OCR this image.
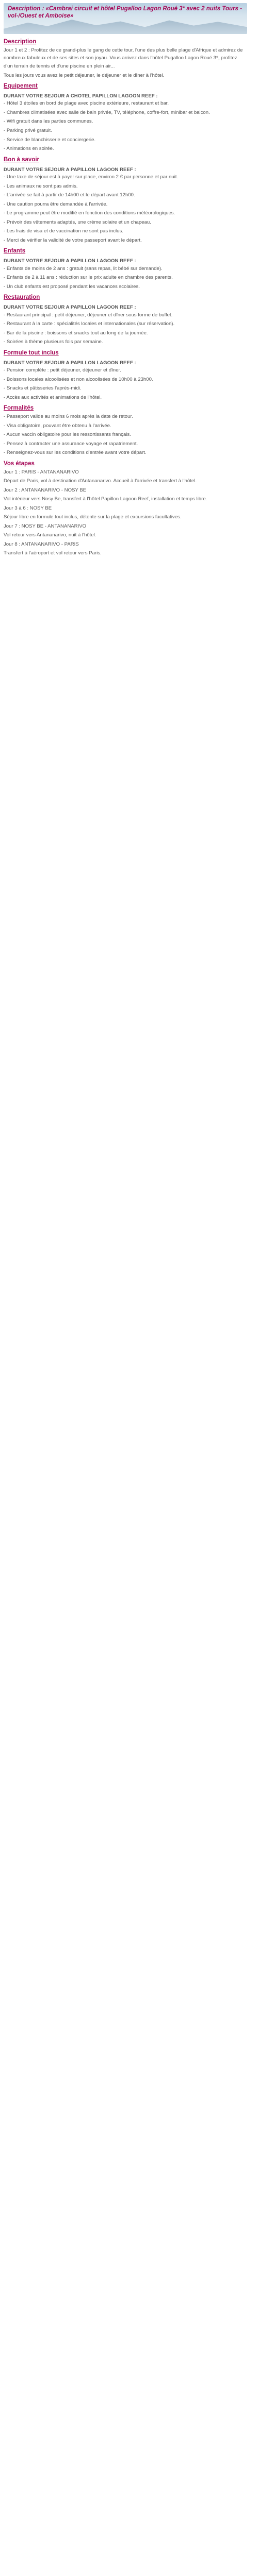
Description : «Cambrai circuit et hôtel Pugalloo Lagon Roué 3* avec 2 nuits Tours - vol-/Ouest et Amboise»
Description

Jour 1 et 2 : Profitez de ce grand-plus le gang de cette tour, l'une des plus belle plage d'Afrique et admirez de nombreux fabuleux et de ses sites et son joyau. Vous arrivez dans l'hôtel Pugalloo Lagon Roué 3*, profitez d'un terrain de tennis et d'une piscine en plein air...

Tous les jours vous avez le petit déjeuner, le déjeuner et le dîner à l'hôtel.

Equipement
DURANT VOTRE SEJOUR A CHOTEL PAPILLON LAGOON REEF :

- Hôtel 3 étoiles en bord de plage avec piscine extérieure, restaurant et bar.

- Chambres climatisées avec salle de bain privée, TV, téléphone, coffre-fort, minibar et balcon.

- Wifi gratuit dans les parties communes.

- Parking privé gratuit.

- Service de blanchisserie et conciergerie.

- Animations en soirée.

Bon à savoir
DURANT VOTRE SEJOUR A PAPILLON LAGOON REEF :

- Une taxe de séjour est à payer sur place, environ 2 € par personne et par nuit.

- Les animaux ne sont pas admis.

- L'arrivée se fait à partir de 14h00 et le départ avant 12h00.

- Une caution pourra être demandée à l'arrivée.

- Le programme peut être modifié en fonction des conditions météorologiques.

- Prévoir des vêtements adaptés, une crème solaire et un chapeau.

- Les frais de visa et de vaccination ne sont pas inclus.

- Merci de vérifier la validité de votre passeport avant le départ.

Enfants
DURANT VOTRE SEJOUR A PAPILLON LAGOON REEF :

- Enfants de moins de 2 ans : gratuit (sans repas, lit bébé sur demande).

- Enfants de 2 à 11 ans : réduction sur le prix adulte en chambre des parents.

- Un club enfants est proposé pendant les vacances scolaires.

Restauration
DURANT VOTRE SEJOUR A PAPILLON LAGOON REEF :

- Restaurant principal : petit déjeuner, déjeuner et dîner sous forme de buffet.

- Restaurant à la carte : spécialités locales et internationales (sur réservation).

- Bar de la piscine : boissons et snacks tout au long de la journée.

- Soirées à thème plusieurs fois par semaine.

Formule tout inclus
DURANT VOTRE SEJOUR A PAPILLON LAGOON REEF :

- Pension complète : petit déjeuner, déjeuner et dîner.

- Boissons locales alcoolisées et non alcoolisées de 10h00 à 23h00.

- Snacks et pâtisseries l'après-midi.

- Accès aux activités et animations de l'hôtel.

Formalités

- Passeport valide au moins 6 mois après la date de retour.

- Visa obligatoire, pouvant être obtenu à l'arrivée.

- Aucun vaccin obligatoire pour les ressortissants français.

- Pensez à contracter une assurance voyage et rapatriement.

- Renseignez-vous sur les conditions d'entrée avant votre départ.

Vos étapes

Jour 1 : PARIS - ANTANANARIVO

Départ de Paris, vol à destination d'Antananarivo. Accueil à l'arrivée et transfert à l'hôtel.

Jour 2 : ANTANANARIVO - NOSY BE

Vol intérieur vers Nosy Be, transfert à l'hôtel Papillon Lagoon Reef, installation et temps libre.

Jour 3 à 6 : NOSY BE

Séjour libre en formule tout inclus, détente sur la plage et excursions facultatives.

Jour 7 : NOSY BE - ANTANANARIVO

Vol retour vers Antananarivo, nuit à l'hôtel.

Jour 8 : ANTANANARIVO - PARIS

Transfert à l'aéroport et vol retour vers Paris.
